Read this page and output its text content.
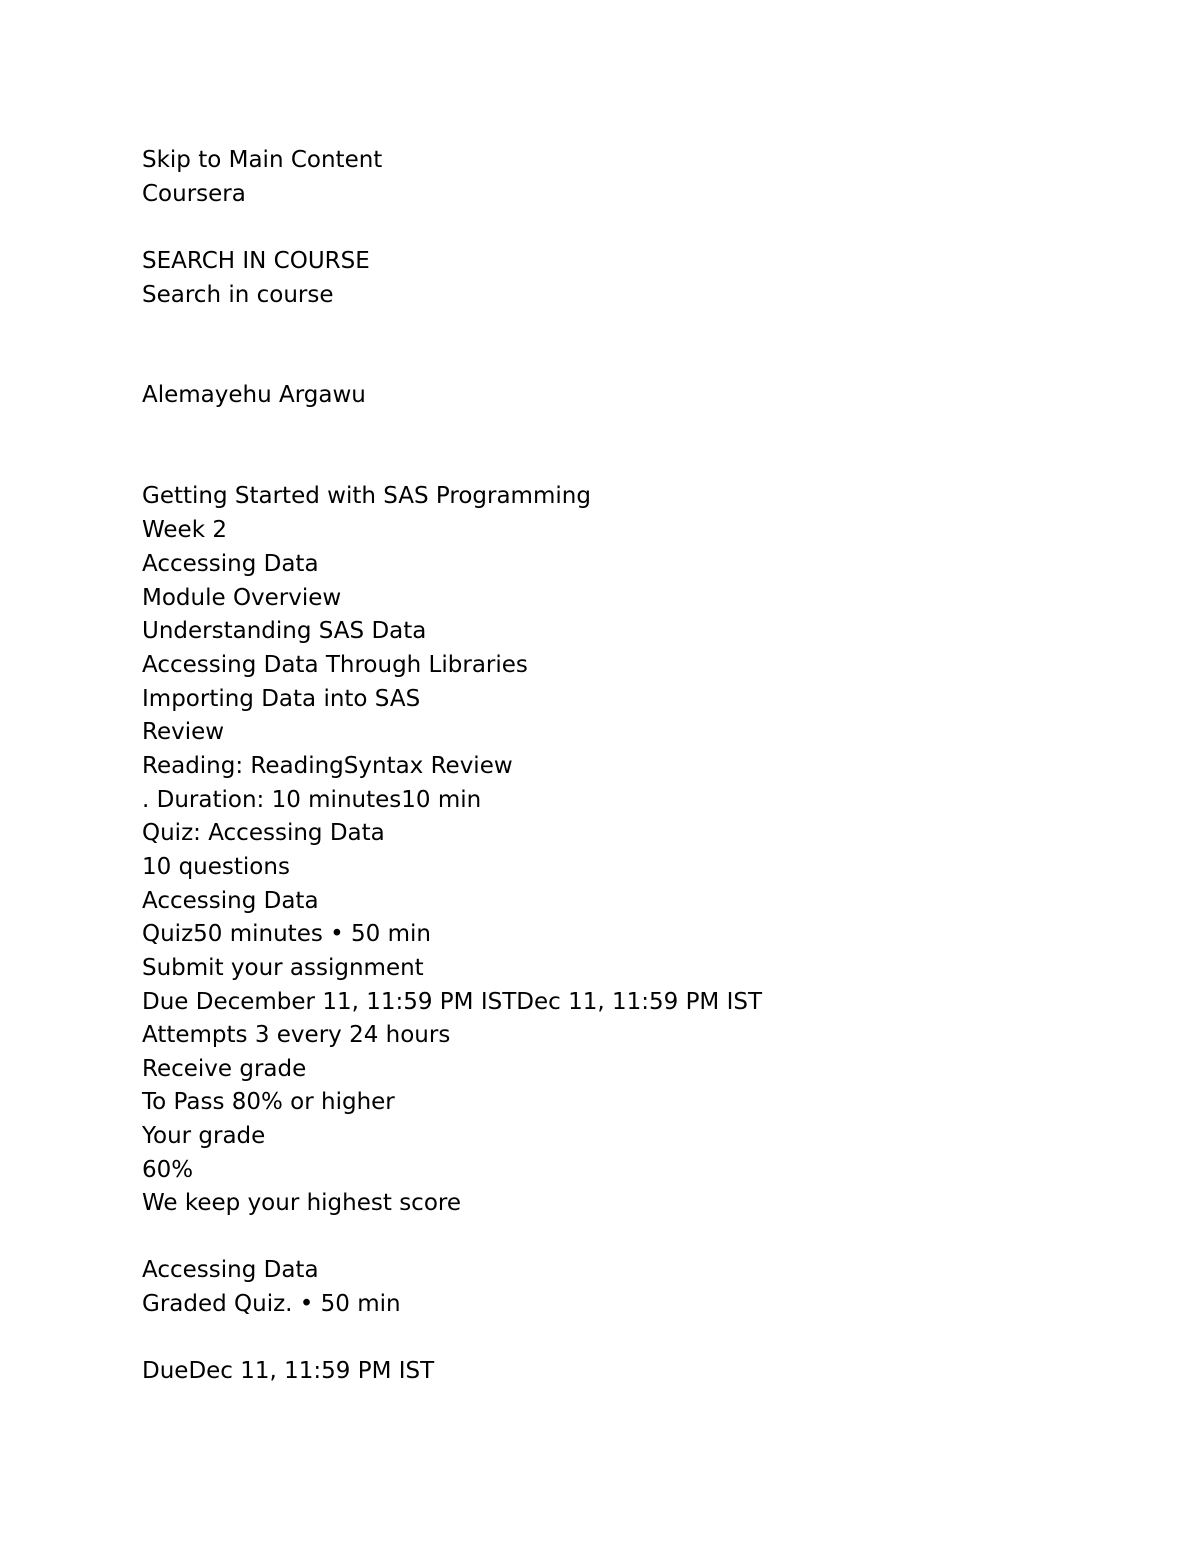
Skip to Main Content
Coursera
SEARCH IN COURSE
Search in course
Alemayehu Argawu
Getting Started with SAS Programming
Week 2
Accessing Data
Module Overview
Understanding SAS Data
Accessing Data Through Libraries
Importing Data into SAS
Review
Reading: ReadingSyntax Review
. Duration: 10 minutes10 min
Quiz: Accessing Data
10 questions
Accessing Data
Quiz50 minutes • 50 min
Submit your assignment
Due December 11, 11:59 PM ISTDec 11, 11:59 PM IST
Attempts 3 every 24 hours
Receive grade
To Pass 80% or higher
Your grade
60%
We keep your highest score
Accessing Data
Graded Quiz. • 50 min
DueDec 11, 11:59 PM IST
